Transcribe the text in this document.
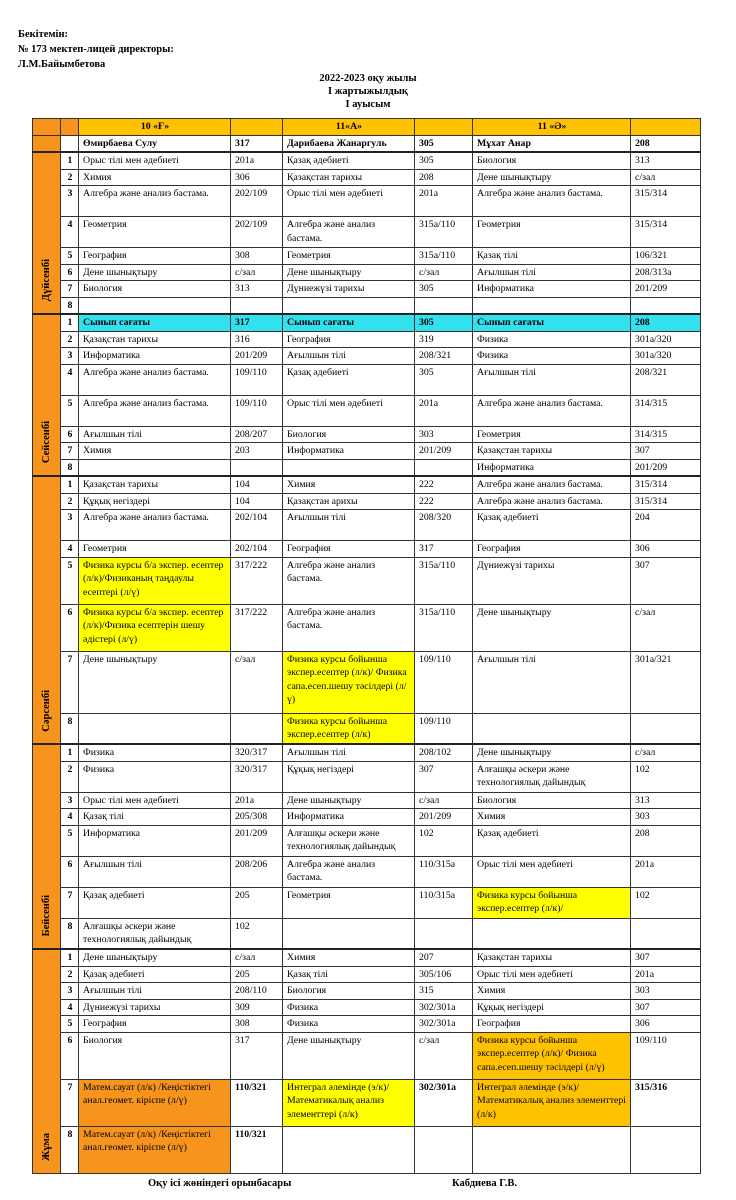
Бекітемін:
№ 173 мектеп-лицей директоры:
Л.М.Байымбетова
2022-2023 оқу жылы
I жартыжылдық
I ауысым
		10 «Ғ»		11«А»		11 «Ә»	
		Өмирбаева Сулу	317	Дарибаева Жанаргуль	305	Мұхат Анар	208
Дүйсенбі	1	Орыс тілі мен әдебиеті	201а	Қазақ әдебиеті	305	Биология	313
	2	Химия	306	Қазақстан тарихы	208	Дене шынықтыру	с/зал
	3	Алгебра және анализ бастама.	202/109	Орыс тілі мен әдебиеті	201а	Алгебра және анализ бастама.	315/314
	4	Геометрия	202/109	Алгебра және анализ бастама.	315а/110	Геометрия	315/314
	5	География	308	Геометрия	315а/110	Қазақ тілі	106/321
	6	Дене шынықтыру	с/зал	Дене шынықтыру	с/зал	Ағылшын тілі	208/313а
	7	Биология	313	Дүниежүзі тарихы	305	Информатика	201/209
	8						
Сейсенбі	1	Сынып сағаты	317	Сынып сағаты	305	Сынып сағаты	208
	2	Қазақстан тарихы	316	География	319	Физика	301а/320
	3	Информатика	201/209	Ағылшын тілі	208/321	Физика	301а/320
	4	Алгебра және анализ бастама.	109/110	Қазақ әдебиеті	305	Ағылшын тілі	208/321
	5	Алгебра және анализ бастама.	109/110	Орыс тілі мен әдебиеті	201а	Алгебра және анализ бастама.	314/315
	6	Ағылшын тілі	208/207	Биология	303	Геометрия	314/315
	7	Химия	203	Информатика	201/209	Қазақстан тарихы	307
	8					Информатика	201/209
Сәрсенбі	1	Қазақстан тарихы	104	Химия	222	Алгебра және анализ бастама.	315/314
	2	Құқық негіздері	104	Қазақстан арихы	222	Алгебра және анализ бастама.	315/314
	3	Алгебра және анализ бастама.	202/104	Ағылшын тілі	208/320	Қазақ әдебиеті	204
	4	Геометрия	202/104	География	317	География	306
	5	Физика курсы б/а экспер. есептер (л/к)/Физиканың таңдаулы есептері (л/ү)	317/222	Алгебра және анализ бастама.	315а/110	Дүниежүзі тарихы	307
	6	Физика курсы б/а экспер. есептер (л/к)/Физика есептерін шешу әдістері (л/ү)	317/222	Алгебра және анализ бастама.	315а/110	Дене шынықтыру	с/зал
	7	Дене шынықтыру	с/зал	Физика курсы бойынша экспер.есептер (л/к)/ Физика сапа.есеп.шешу тәсілдері (л/ү)	109/110	Ағылшын тілі	301а/321
	8			Физика курсы бойынша экспер.есептер (л/к)	109/110		
Бейсенбі	1	Физика	320/317	Ағылшын тілі	208/102	Дене шынықтыру	с/зал
	2	Физика	320/317	Құқық негіздері	307	Алғашқы әскери және технологиялық дайындық	102
	3	Орыс тілі мен әдебиеті	201а	Дене шынықтыру	с/зал	Биология	313
	4	Қазақ тілі	205/308	Информатика	201/209	Химия	303
	5	Информатика	201/209	Алғашқы әскери және технологиялық дайындық	102	Қазақ әдебиеті	208
	6	Ағылшын тілі	208/206	Алгебра және анализ бастама.	110/315а	Орыс тілі мен әдебиеті	201а
	7	Қазақ әдебиеті	205	Геометрия	110/315а	Физика курсы бойынша экспер.есептер (л/к)/	102
	8	Алғашқы әскери және технологиялық дайындық	102				
Жұма	1	Дене шынықтыру	с/зал	Химия	207	Қазақстан тарихы	307
	2	Қазақ әдебиеті	205	Қазақ тілі	305/106	Орыс тілі мен әдебиеті	201а
	3	Ағылшын тілі	208/110	Биология	315	Химия	303
	4	Дүниежүзі тарихы	309	Физика	302/301а	Құқық негіздері	307
	5	География	308	Физика	302/301а	География	306
	6	Биология	317	Дене шынықтыру	с/зал	Физика курсы бойынша экспер.есептер (л/к)/ Физика сапа.есеп.шешу тәсілдері (л/ү)	109/110
	7	Матем.сауат (л/к) /Кеңістіктегі анал.геомет. кіріспе (л/ү)	110/321	Интеграл әлемінде (э/к)/Математикалық анализ элементтері (л/к)	302/301а	Интеграл әлемінде (э/к)/Математикалық анализ элементтері (л/к)	315/316
	8	Матем.сауат (л/к) /Кеңістіктегі анал.геомет. кіріспе (л/ү)	110/321				
Оқу ісі жөніндегі орынбасары	Кабдиева Г.В.
